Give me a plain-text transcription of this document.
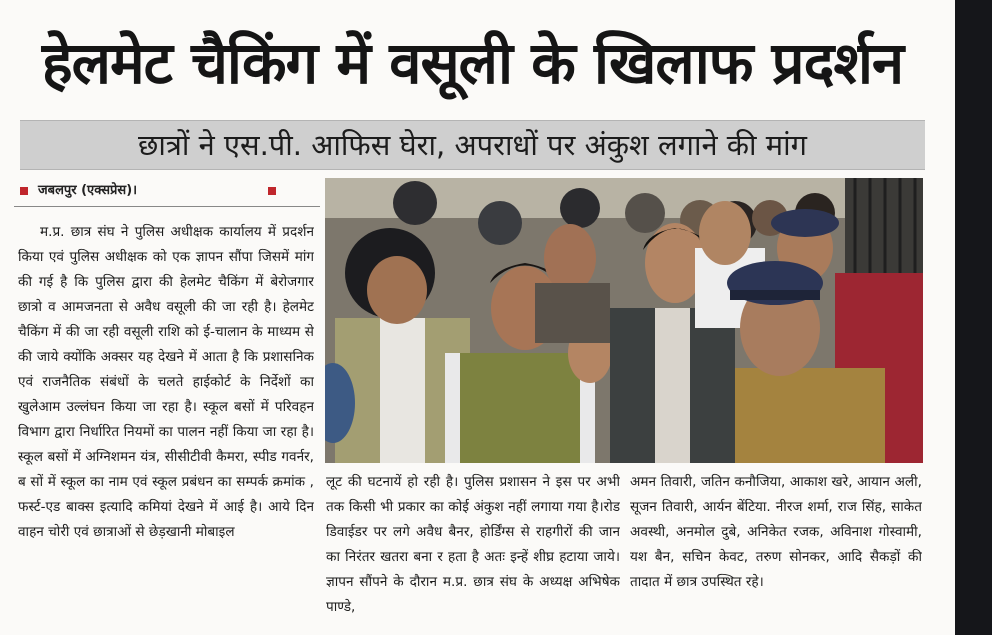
हेलमेट चैकिंग में वसूली के खिलाफ प्रदर्शन
छात्रों ने एस.पी. आफिस घेरा, अपराधों पर अंकुश लगाने की मांग
जबलपुर (एक्सप्रेस)।
म.प्र. छात्र संघ ने पुलिस अधीक्षक कार्यालय में प्रदर्शन किया एवं पुलिस अधीक्षक को एक ज्ञापन सौंपा जिसमें मांग की गई है कि पुलिस द्वारा की हेलमेट चैकिंग में बेरोजगार छात्रो व आमजनता से अवैध वसूली की जा रही है। हेलमेट चैकिंग में की जा रही वसूली राशि को ई-चालान के माध्यम से की जाये क्योंकि अक्सर यह देखने में आता है कि प्रशासनिक एवं राजनैतिक संबंधों के चलते हाईकोर्ट के निर्देशों का खुलेआम उल्लंघन किया जा रहा है। स्कूल बसों में परिवहन विभाग द्वारा निर्धारित नियमों का पालन नहीं किया जा रहा है। स्कूल बसों में अग्निशमन यंत्र, सीसीटीवी कैमरा, स्पीड गवर्नर, ब सों में स्कूल का नाम एवं स्कूल प्रबंधन का सम्पर्क क्रमांक , फर्स्ट-एड बाक्स इत्यादि कमियां देखने में आई है। आये दिन वाहन चोरी एवं छात्राओं से छेड़खानी मोबाइल
लूट की घटनायें हो रही है। पुलिस प्रशासन ने इस पर अभी तक किसी भी प्रकार का कोई अंकुश नहीं लगाया गया है।रोड डिवाईडर पर लगे अवैध बैनर, होर्डिंग्स से राहगीरों की जान का निरंतर खतरा बना र हता है अतः इन्हें शीघ्र हटाया जाये। ज्ञापन सौंपने के दौरान म.प्र. छात्र संघ के अध्यक्ष अभिषेक पाण्डे,
अमन तिवारी, जतिन कनौजिया, आकाश खरे, आयान अली, सूजन तिवारी, आर्यन बेंटिया. नीरज शर्मा, राज सिंह, साकेत अवस्थी, अनमोल दुबे, अनिकेत रजक, अविनाश गोस्वामी, यश बैन, सचिन केवट, तरुण सोनकर, आदि सैकड़ों की तादात में छात्र उपस्थित रहे।
